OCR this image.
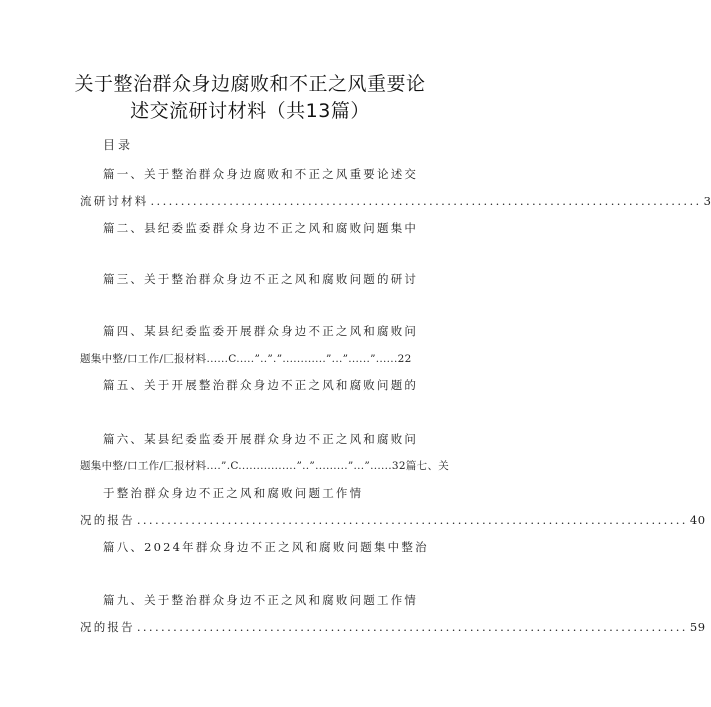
关于整治群众身边腐败和不正之风重要论
述交流研讨材料（共13篇）
目录
篇一、关于整治群众身边腐败和不正之风重要论述交
流研讨材料 ........................................................................................... 3
篇二、县纪委监委群众身边不正之风和腐败问题集中
篇三、关于整治群众身边不正之风和腐败问题的研讨
篇四、某县纪委监委开展群众身边不正之风和腐败问
题集中整/口工作/匚报材料......C.....”..”.”............”...”......”......22
篇五、关于开展整治群众身边不正之风和腐败问题的
篇六、某县纪委监委开展群众身边不正之风和腐败问
题集中整/口工作/匚报材料....”.C................”..”.........”...”......32篇七、关
于整治群众身边不正之风和腐败问题工作情
况的报告 ........................................................................................... 40
篇八、2024年群众身边不正之风和腐败问题集中整治
篇九、关于整治群众身边不正之风和腐败问题工作情
况的报告 ........................................................................................... 59
